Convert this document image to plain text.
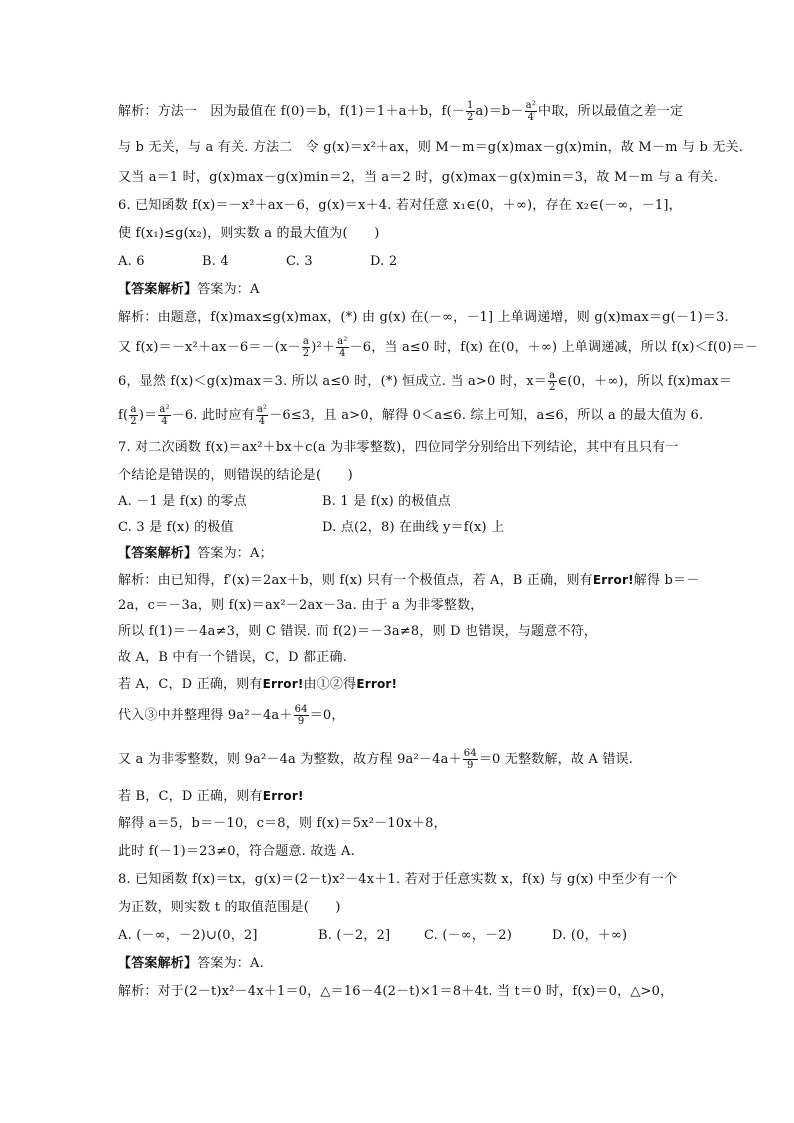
解析：方法一　因为最值在 f(0)＝b，f(1)＝1＋a＋b，$f(- \frac{1}{2} a)=b- \frac{\text{a²}}{4}$ 中取，所以最值之差一定
与 b 无关，与 a 有关. 方法二　令 g(x)＝x²＋ax，则 M－m＝g(x)max－g(x)min，故 M－m 与 b 无关.
又当 a＝1 时，g(x)max－g(x)min＝2，当 a＝2 时，g(x)max－g(x)min＝3，故 M－m 与 a 有关.
6. 已知函数 f(x)＝－x²＋ax－6，g(x)＝x＋4. 若对任意 x₁∈(0，＋∞)，存在 x₂∈(－∞，－1]，
使 f(x₁)≤g(x₂)，则实数 a 的最大值为(　　)
A. 6	B. 4	C. 3	D. 2
【答案解析】答案为：A
解析：由题意，f(x)max≤g(x)max，(*) 由 g(x) 在(－∞，－1] 上单调递增，则 g(x)max＝g(－1)＝3.
又 $f(x)=-x^2+ax-6=-(x- \frac{a}{2} )^2+ \frac{\text{a²}}{4} -6$，当 a≤0 时，f(x) 在(0，＋∞) 上单调递减，所以 f(x)＜f(0)＝－
6，显然 f(x)＜g(x)max＝3. 所以 a≤0 时，(*) 恒成立. 当 a>0 时，$x= \frac{a}{2}$ ∈(0，＋∞)，所以 f(x)max＝
$f( \frac{a}{2}$ )＝ $\frac{\text{a²}}{4} -6$. 此时应有 $\frac{\text{a²}}{4} -6\le 3$，且 a>0，解得 0＜a≤6. 综上可知，a≤6，所以 a 的最大值为 6.
7. 对二次函数 f(x)＝ax²＋bx＋c(a 为非零整数)，四位同学分别给出下列结论，其中有且只有一
个结论是错误的，则错误的结论是(　　)
A. －1 是 f(x) 的零点	B. 1 是 f(x) 的极值点
C. 3 是 f(x) 的极值	D. 点(2，8) 在曲线 y＝f(x) 上
【答案解析】答案为：A；
解析：由已知得，f′(x)＝2ax＋b，则 f(x) 只有一个极值点，若 A，B 正确，则有Error!解得 b＝－
2a，c＝－3a，则 f(x)＝ax²－2ax－3a. 由于 a 为非零整数，
所以 f(1)＝－4a≠3，则 C 错误. 而 f(2)＝－3a≠8，则 D 也错误，与题意不符，
故 A，B 中有一个错误，C，D 都正确.
若 A，C，D 正确，则有Error!由①②得Error!
代入③中并整理得 $9a^2-4a+ \frac{64}{9} =0$，
又 a 为非零整数，则 9a²－4a 为整数，故方程 $9a^2-4a+ \frac{64}{9} =0$ 无整数解，故 A 错误.
若 B，C，D 正确，则有Error!
解得 a＝5，b＝－10，c＝8，则 f(x)＝5x²－10x＋8，
此时 f(－1)＝23≠0，符合题意. 故选 A.
8. 已知函数 f(x)＝tx，g(x)＝(2－t)x²－4x＋1. 若对于任意实数 x，f(x) 与 g(x) 中至少有一个
为正数，则实数 t 的取值范围是(　　)
A. (－∞，－2)∪(0，2]	B. (－2，2]	C. (－∞，－2)	D. (0，＋∞)
【答案解析】答案为：A.
解析：对于(2－t)x²－4x＋1＝0，△＝16－4(2－t)×1＝8＋4t. 当 t＝0 时，f(x)＝0，△>0，
